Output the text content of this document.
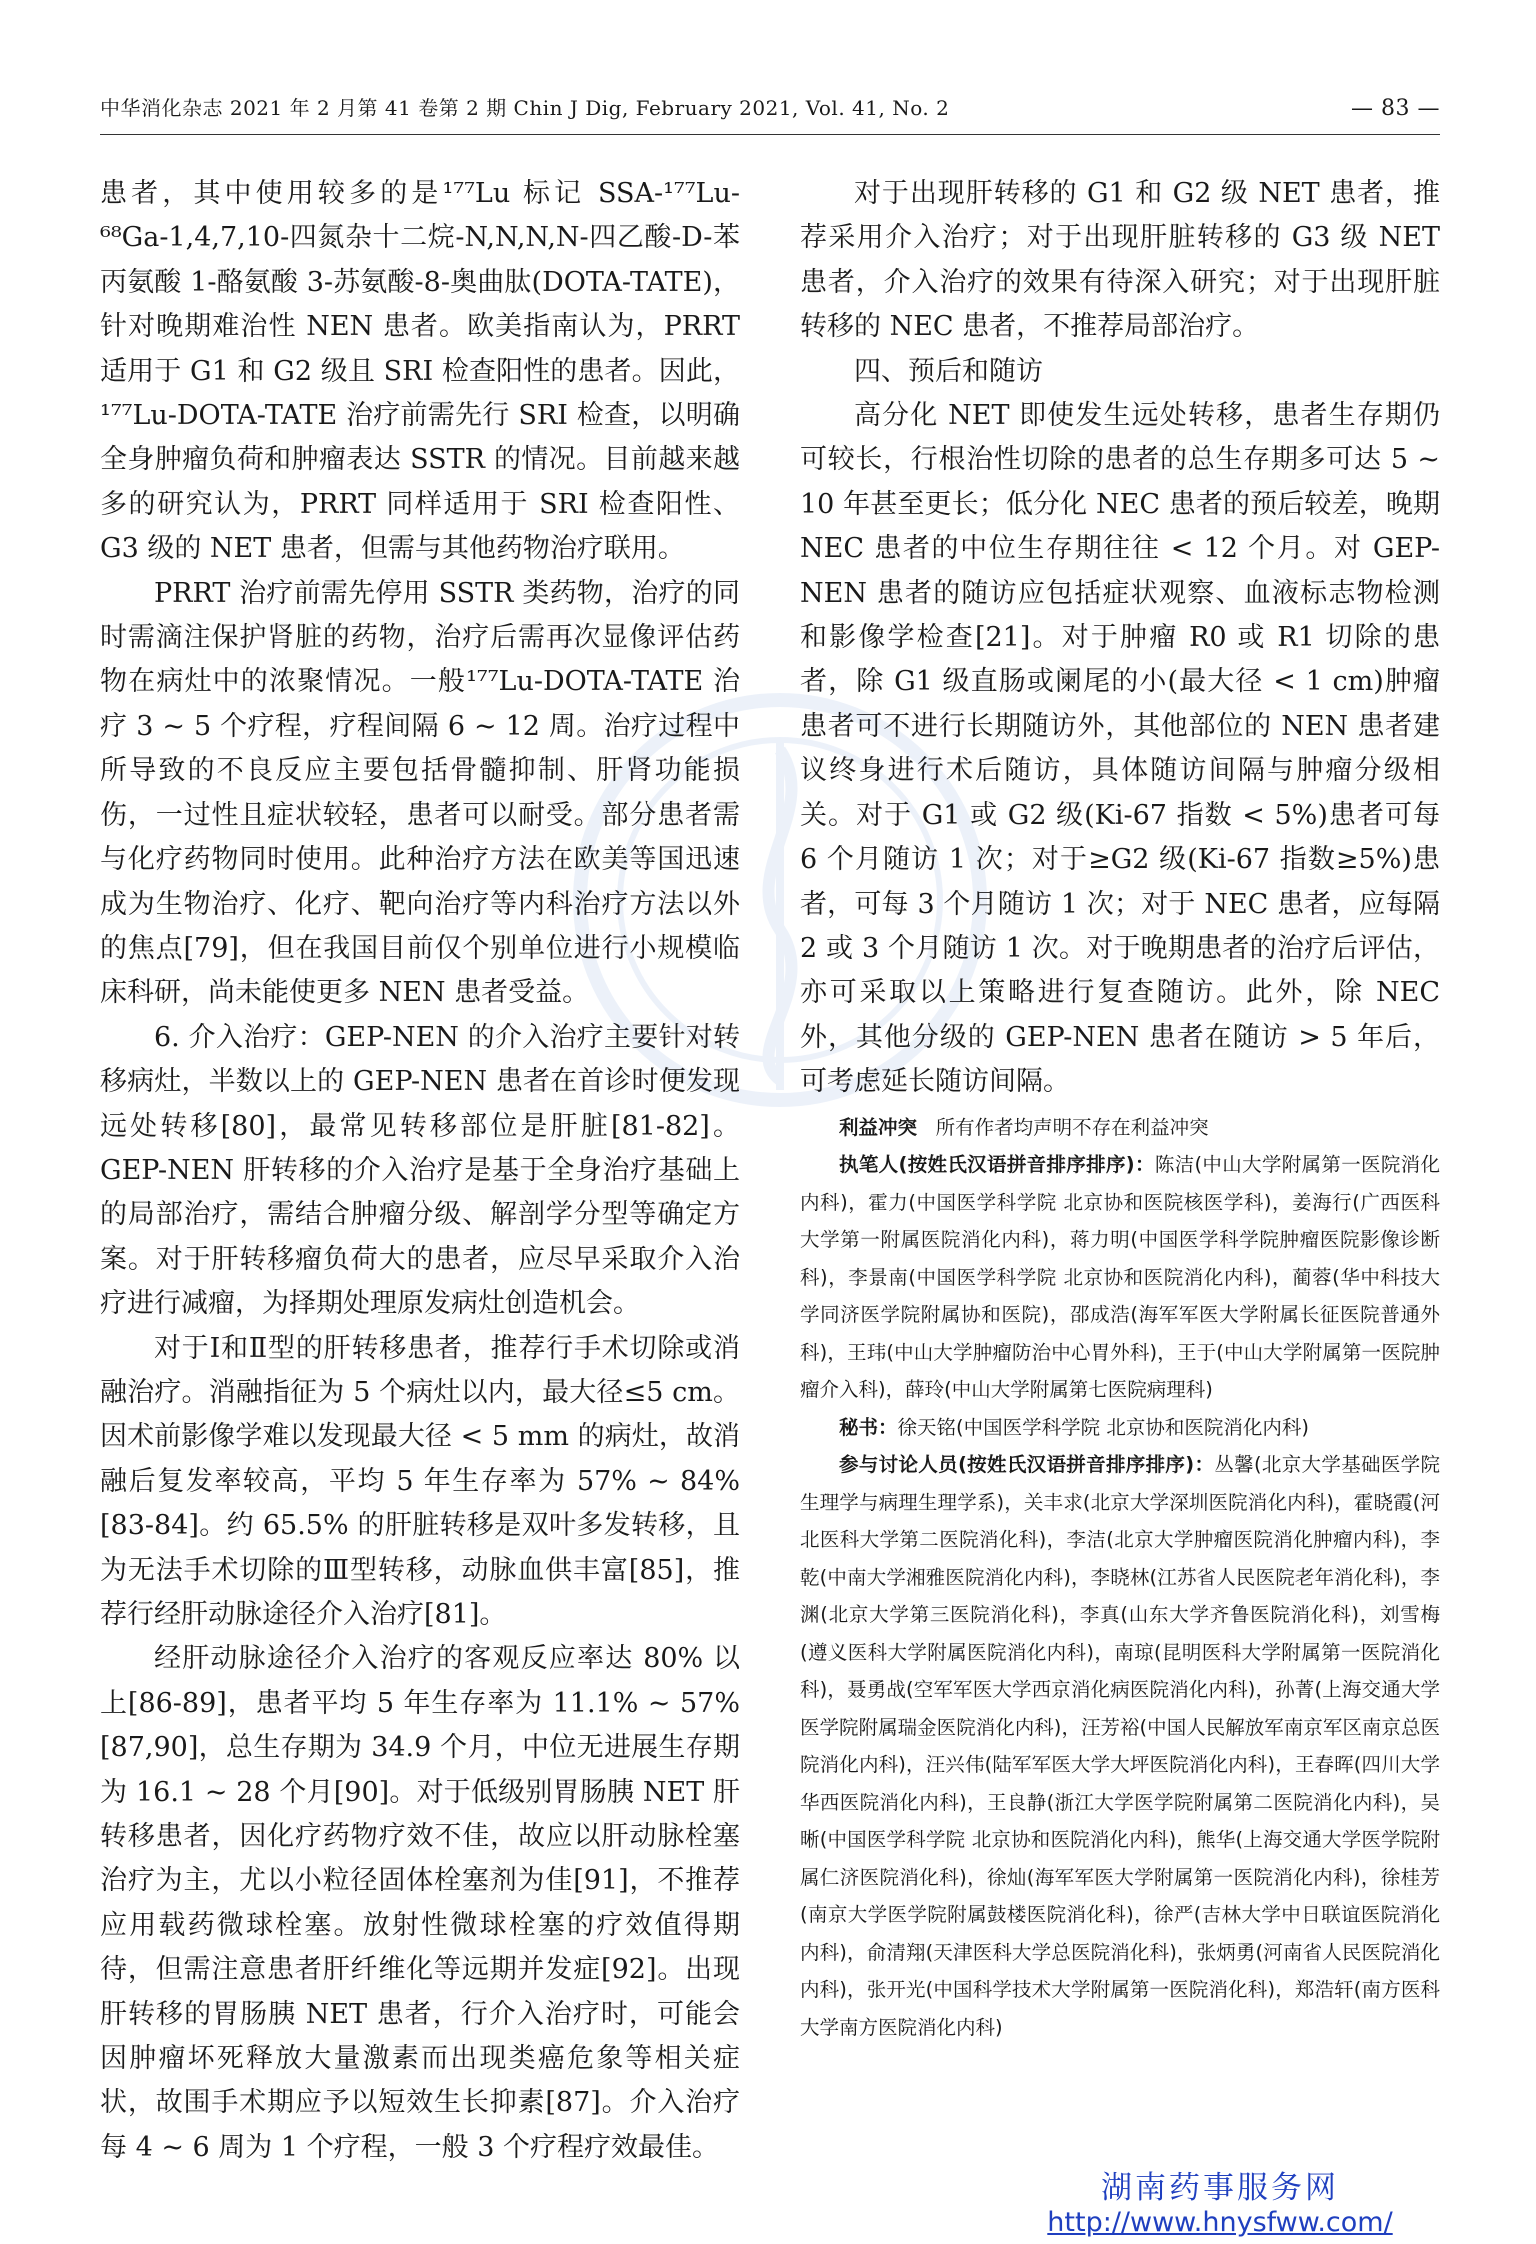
中华消化杂志 2021 年 2 月第 41 卷第 2 期 Chin J Dig, February 2021, Vol. 41, No. 2	— 83 —

患者，其中使用较多的是¹⁷⁷Lu 标记 SSA-¹⁷⁷Lu-⁶⁸Ga-1,4,7,10-四氮杂十二烷-N,N,N,N-四乙酸-D-苯丙氨酸 1-酪氨酸 3-苏氨酸-8-奥曲肽(DOTA-TATE)，针对晚期难治性 NEN 患者。欧美指南认为，PRRT 适用于 G1 和 G2 级且 SRI 检查阳性的患者。因此，¹⁷⁷Lu-DOTA-TATE 治疗前需先行 SRI 检查，以明确全身肿瘤负荷和肿瘤表达 SSTR 的情况。目前越来越多的研究认为，PRRT 同样适用于 SRI 检查阳性、G3 级的 NET 患者，但需与其他药物治疗联用。

PRRT 治疗前需先停用 SSTR 类药物，治疗的同时需滴注保护肾脏的药物，治疗后需再次显像评估药物在病灶中的浓聚情况。一般¹⁷⁷Lu-DOTA-TATE 治疗 3 ~ 5 个疗程，疗程间隔 6 ~ 12 周。治疗过程中所导致的不良反应主要包括骨髓抑制、肝肾功能损伤，一过性且症状较轻，患者可以耐受。部分患者需与化疗药物同时使用。此种治疗方法在欧美等国迅速成为生物治疗、化疗、靶向治疗等内科治疗方法以外的焦点[79]，但在我国目前仅个别单位进行小规模临床科研，尚未能使更多 NEN 患者受益。

6. 介入治疗：GEP-NEN 的介入治疗主要针对转移病灶，半数以上的 GEP-NEN 患者在首诊时便发现远处转移[80]，最常见转移部位是肝脏[81-82]。GEP-NEN 肝转移的介入治疗是基于全身治疗基础上的局部治疗，需结合肿瘤分级、解剖学分型等确定方案。对于肝转移瘤负荷大的患者，应尽早采取介入治疗进行减瘤，为择期处理原发病灶创造机会。

对于Ⅰ和Ⅱ型的肝转移患者，推荐行手术切除或消融治疗。消融指征为 5 个病灶以内，最大径≤5 cm。因术前影像学难以发现最大径 < 5 mm 的病灶，故消融后复发率较高，平均 5 年生存率为 57% ~ 84%[83-84]。约 65.5% 的肝脏转移是双叶多发转移，且为无法手术切除的Ⅲ型转移，动脉血供丰富[85]，推荐行经肝动脉途径介入治疗[81]。

经肝动脉途径介入治疗的客观反应率达 80% 以上[86-89]，患者平均 5 年生存率为 11.1% ~ 57%[87,90]，总生存期为 34.9 个月，中位无进展生存期为 16.1 ~ 28 个月[90]。对于低级别胃肠胰 NET 肝转移患者，因化疗药物疗效不佳，故应以肝动脉栓塞治疗为主，尤以小粒径固体栓塞剂为佳[91]，不推荐应用载药微球栓塞。放射性微球栓塞的疗效值得期待，但需注意患者肝纤维化等远期并发症[92]。出现肝转移的胃肠胰 NET 患者，行介入治疗时，可能会因肿瘤坏死释放大量激素而出现类癌危象等相关症状，故围手术期应予以短效生长抑素[87]。介入治疗每 4 ~ 6 周为 1 个疗程，一般 3 个疗程疗效最佳。

对于出现肝转移的 G1 和 G2 级 NET 患者，推荐采用介入治疗；对于出现肝脏转移的 G3 级 NET 患者，介入治疗的效果有待深入研究；对于出现肝脏转移的 NEC 患者，不推荐局部治疗。

四、预后和随访

高分化 NET 即使发生远处转移，患者生存期仍可较长，行根治性切除的患者的总生存期多可达 5 ~ 10 年甚至更长；低分化 NEC 患者的预后较差，晚期 NEC 患者的中位生存期往往 < 12 个月。对 GEP-NEN 患者的随访应包括症状观察、血液标志物检测和影像学检查[21]。对于肿瘤 R0 或 R1 切除的患者，除 G1 级直肠或阑尾的小(最大径 < 1 cm)肿瘤患者可不进行长期随访外，其他部位的 NEN 患者建议终身进行术后随访，具体随访间隔与肿瘤分级相关。对于 G1 或 G2 级(Ki-67 指数 < 5%)患者可每 6 个月随访 1 次；对于≥G2 级(Ki-67 指数≥5%)患者，可每 3 个月随访 1 次；对于 NEC 患者，应每隔 2 或 3 个月随访 1 次。对于晚期患者的治疗后评估，亦可采取以上策略进行复查随访。此外，除 NEC 外，其他分级的 GEP-NEN 患者在随访 > 5 年后，可考虑延长随访间隔。

利益冲突 所有作者均声明不存在利益冲突

执笔人(按姓氏汉语拼音排序排序)：陈洁(中山大学附属第一医院消化内科)，霍力(中国医学科学院 北京协和医院核医学科)，姜海行(广西医科大学第一附属医院消化内科)，蒋力明(中国医学科学院肿瘤医院影像诊断科)，李景南(中国医学科学院 北京协和医院消化内科)，蔺蓉(华中科技大学同济医学院附属协和医院)，邵成浩(海军军医大学附属长征医院普通外科)，王玮(中山大学肿瘤防治中心胃外科)，王于(中山大学附属第一医院肿瘤介入科)，薛玲(中山大学附属第七医院病理科)

秘书：徐天铭(中国医学科学院 北京协和医院消化内科)

参与讨论人员(按姓氏汉语拼音排序排序)：丛馨(北京大学基础医学院生理学与病理生理学系)，关丰求(北京大学深圳医院消化内科)，霍晓霞(河北医科大学第二医院消化科)，李洁(北京大学肿瘤医院消化肿瘤内科)，李乾(中南大学湘雅医院消化内科)，李晓林(江苏省人民医院老年消化科)，李渊(北京大学第三医院消化科)，李真(山东大学齐鲁医院消化科)，刘雪梅(遵义医科大学附属医院消化内科)，南琼(昆明医科大学附属第一医院消化科)，聂勇战(空军军医大学西京消化病医院消化内科)，孙菁(上海交通大学医学院附属瑞金医院消化内科)，汪芳裕(中国人民解放军南京军区南京总医院消化内科)，汪兴伟(陆军军医大学大坪医院消化内科)，王春晖(四川大学华西医院消化内科)，王良静(浙江大学医学院附属第二医院消化内科)，吴晰(中国医学科学院 北京协和医院消化内科)，熊华(上海交通大学医学院附属仁济医院消化科)，徐灿(海军军医大学附属第一医院消化内科)，徐桂芳(南京大学医学院附属鼓楼医院消化科)，徐严(吉林大学中日联谊医院消化内科)，俞清翔(天津医科大学总医院消化科)，张炳勇(河南省人民医院消化内科)，张开光(中国科学技术大学附属第一医院消化科)，郑浩轩(南方医科大学南方医院消化内科)

湖南药事服务网
http://www.hnysfww.com/
